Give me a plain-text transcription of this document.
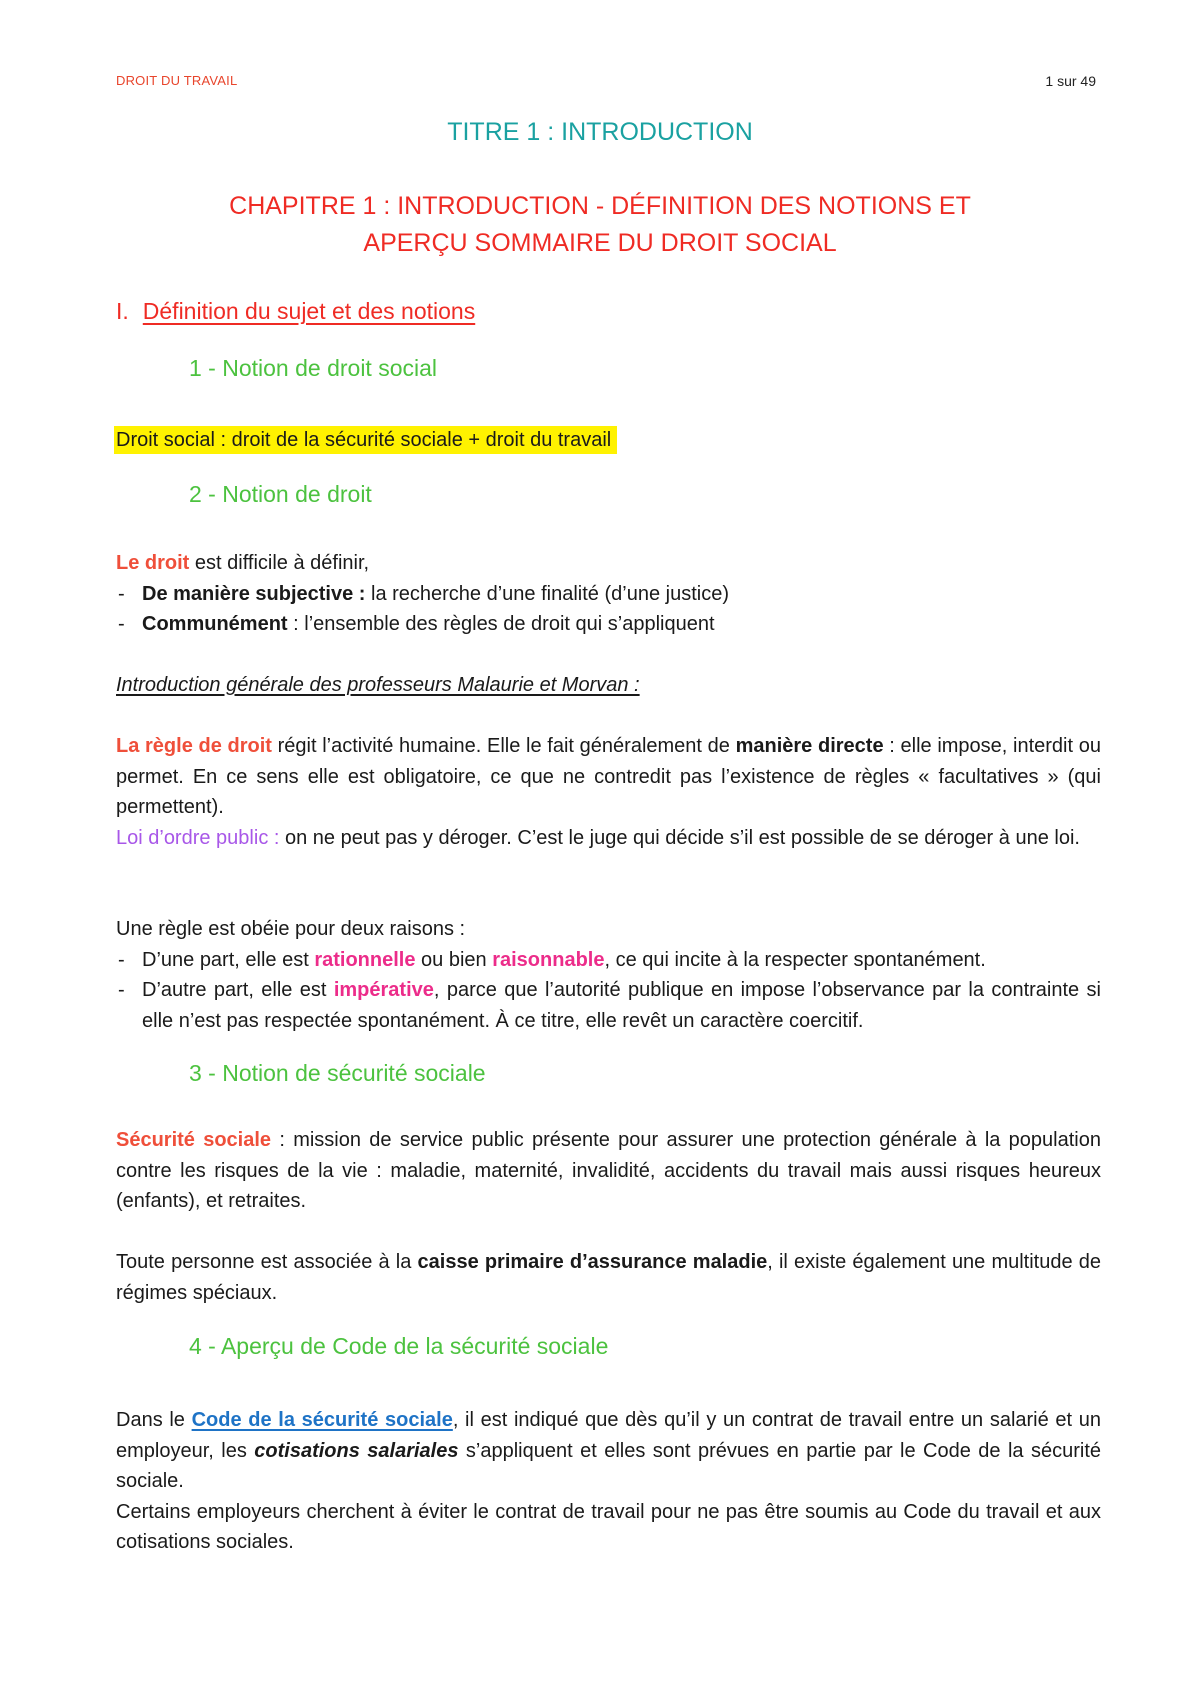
DROIT DU TRAVAIL	1 sur 49
TITRE 1 : INTRODUCTION
CHAPITRE 1 : INTRODUCTION - DÉFINITION DES NOTIONS ET
APERÇU SOMMAIRE DU DROIT SOCIAL
I. Définition du sujet et des notions
1 - Notion de droit social
Droit social : droit de la sécurité sociale + droit du travail
2 - Notion de droit
Le droit est difficile à définir,
- De manière subjective : la recherche d’une finalité (d’une justice)
- Communément : l’ensemble des règles de droit qui s’appliquent
Introduction générale des professeurs Malaurie et Morvan :
La règle de droit régit l’activité humaine. Elle le fait généralement de manière directe : elle impose, interdit ou permet. En ce sens elle est obligatoire, ce que ne contredit pas l’existence de règles « facultatives » (qui permettent).
Loi d’ordre public : on ne peut pas y déroger. C’est le juge qui décide s’il est possible de se déroger à une loi.
Une règle est obéie pour deux raisons :
- D’une part, elle est rationnelle ou bien raisonnable, ce qui incite à la respecter spontanément.
- D’autre part, elle est impérative, parce que l’autorité publique en impose l’observance par la contrainte si elle n’est pas respectée spontanément. À ce titre, elle revêt un caractère coercitif.
3 - Notion de sécurité sociale
Sécurité sociale : mission de service public présente pour assurer une protection générale à la population contre les risques de la vie : maladie, maternité, invalidité, accidents du travail mais aussi risques heureux (enfants), et retraites.
Toute personne est associée à la caisse primaire d’assurance maladie, il existe également une multitude de régimes spéciaux.
4 - Aperçu de Code de la sécurité sociale
Dans le Code de la sécurité sociale, il est indiqué que dès qu’il y un contrat de travail entre un salarié et un employeur, les cotisations salariales s’appliquent et elles sont prévues en partie par le Code de la sécurité sociale.
Certains employeurs cherchent à éviter le contrat de travail pour ne pas être soumis au Code du travail et aux cotisations sociales.
